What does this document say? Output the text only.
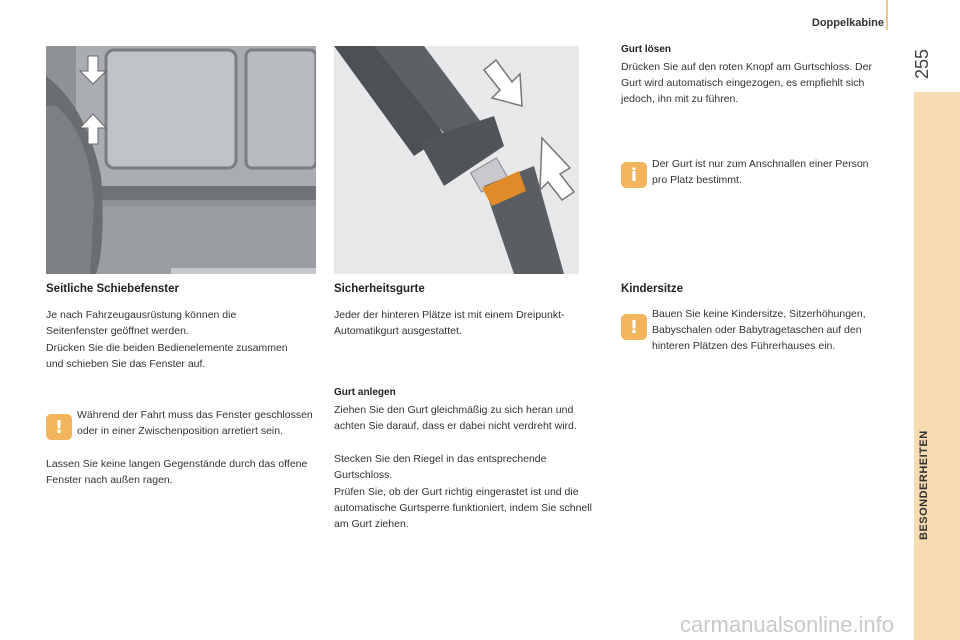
Doppelkabine
255
BESONDERHEITEN
Seitliche Schiebefenster
Je nach Fahrzeugausrüstung können die Seitenfenster geöffnet werden.
Drücken Sie die beiden Bedienelemente zusammen und schieben Sie das Fenster auf.
!
Während der Fahrt muss das Fenster geschlossen oder in einer Zwischenposition arretiert sein.
Lassen Sie keine langen Gegenstände durch das offene Fenster nach außen ragen.
Sicherheitsgurte
Jeder der hinteren Plätze ist mit einem Dreipunkt-Automatikgurt ausgestattet.
Gurt anlegen
Ziehen Sie den Gurt gleichmäßig zu sich heran und achten Sie darauf, dass er dabei nicht verdreht wird.
Stecken Sie den Riegel in das entsprechende Gurtschloss.
Prüfen Sie, ob der Gurt richtig eingerastet ist und die automatische Gurtsperre funktioniert, indem Sie schnell am Gurt ziehen.
Gurt lösen
Drücken Sie auf den roten Knopf am Gurtschloss. Der Gurt wird automatisch eingezogen, es empfiehlt sich jedoch, ihn mit zu führen.
i
Der Gurt ist nur zum Anschnallen einer Person pro Platz bestimmt.
Kindersitze
!
Bauen Sie keine Kindersitze, Sitzerhöhungen, Babyschalen oder Babytragetaschen auf den hinteren Plätzen des Führerhauses ein.
carmanualsonline.info
